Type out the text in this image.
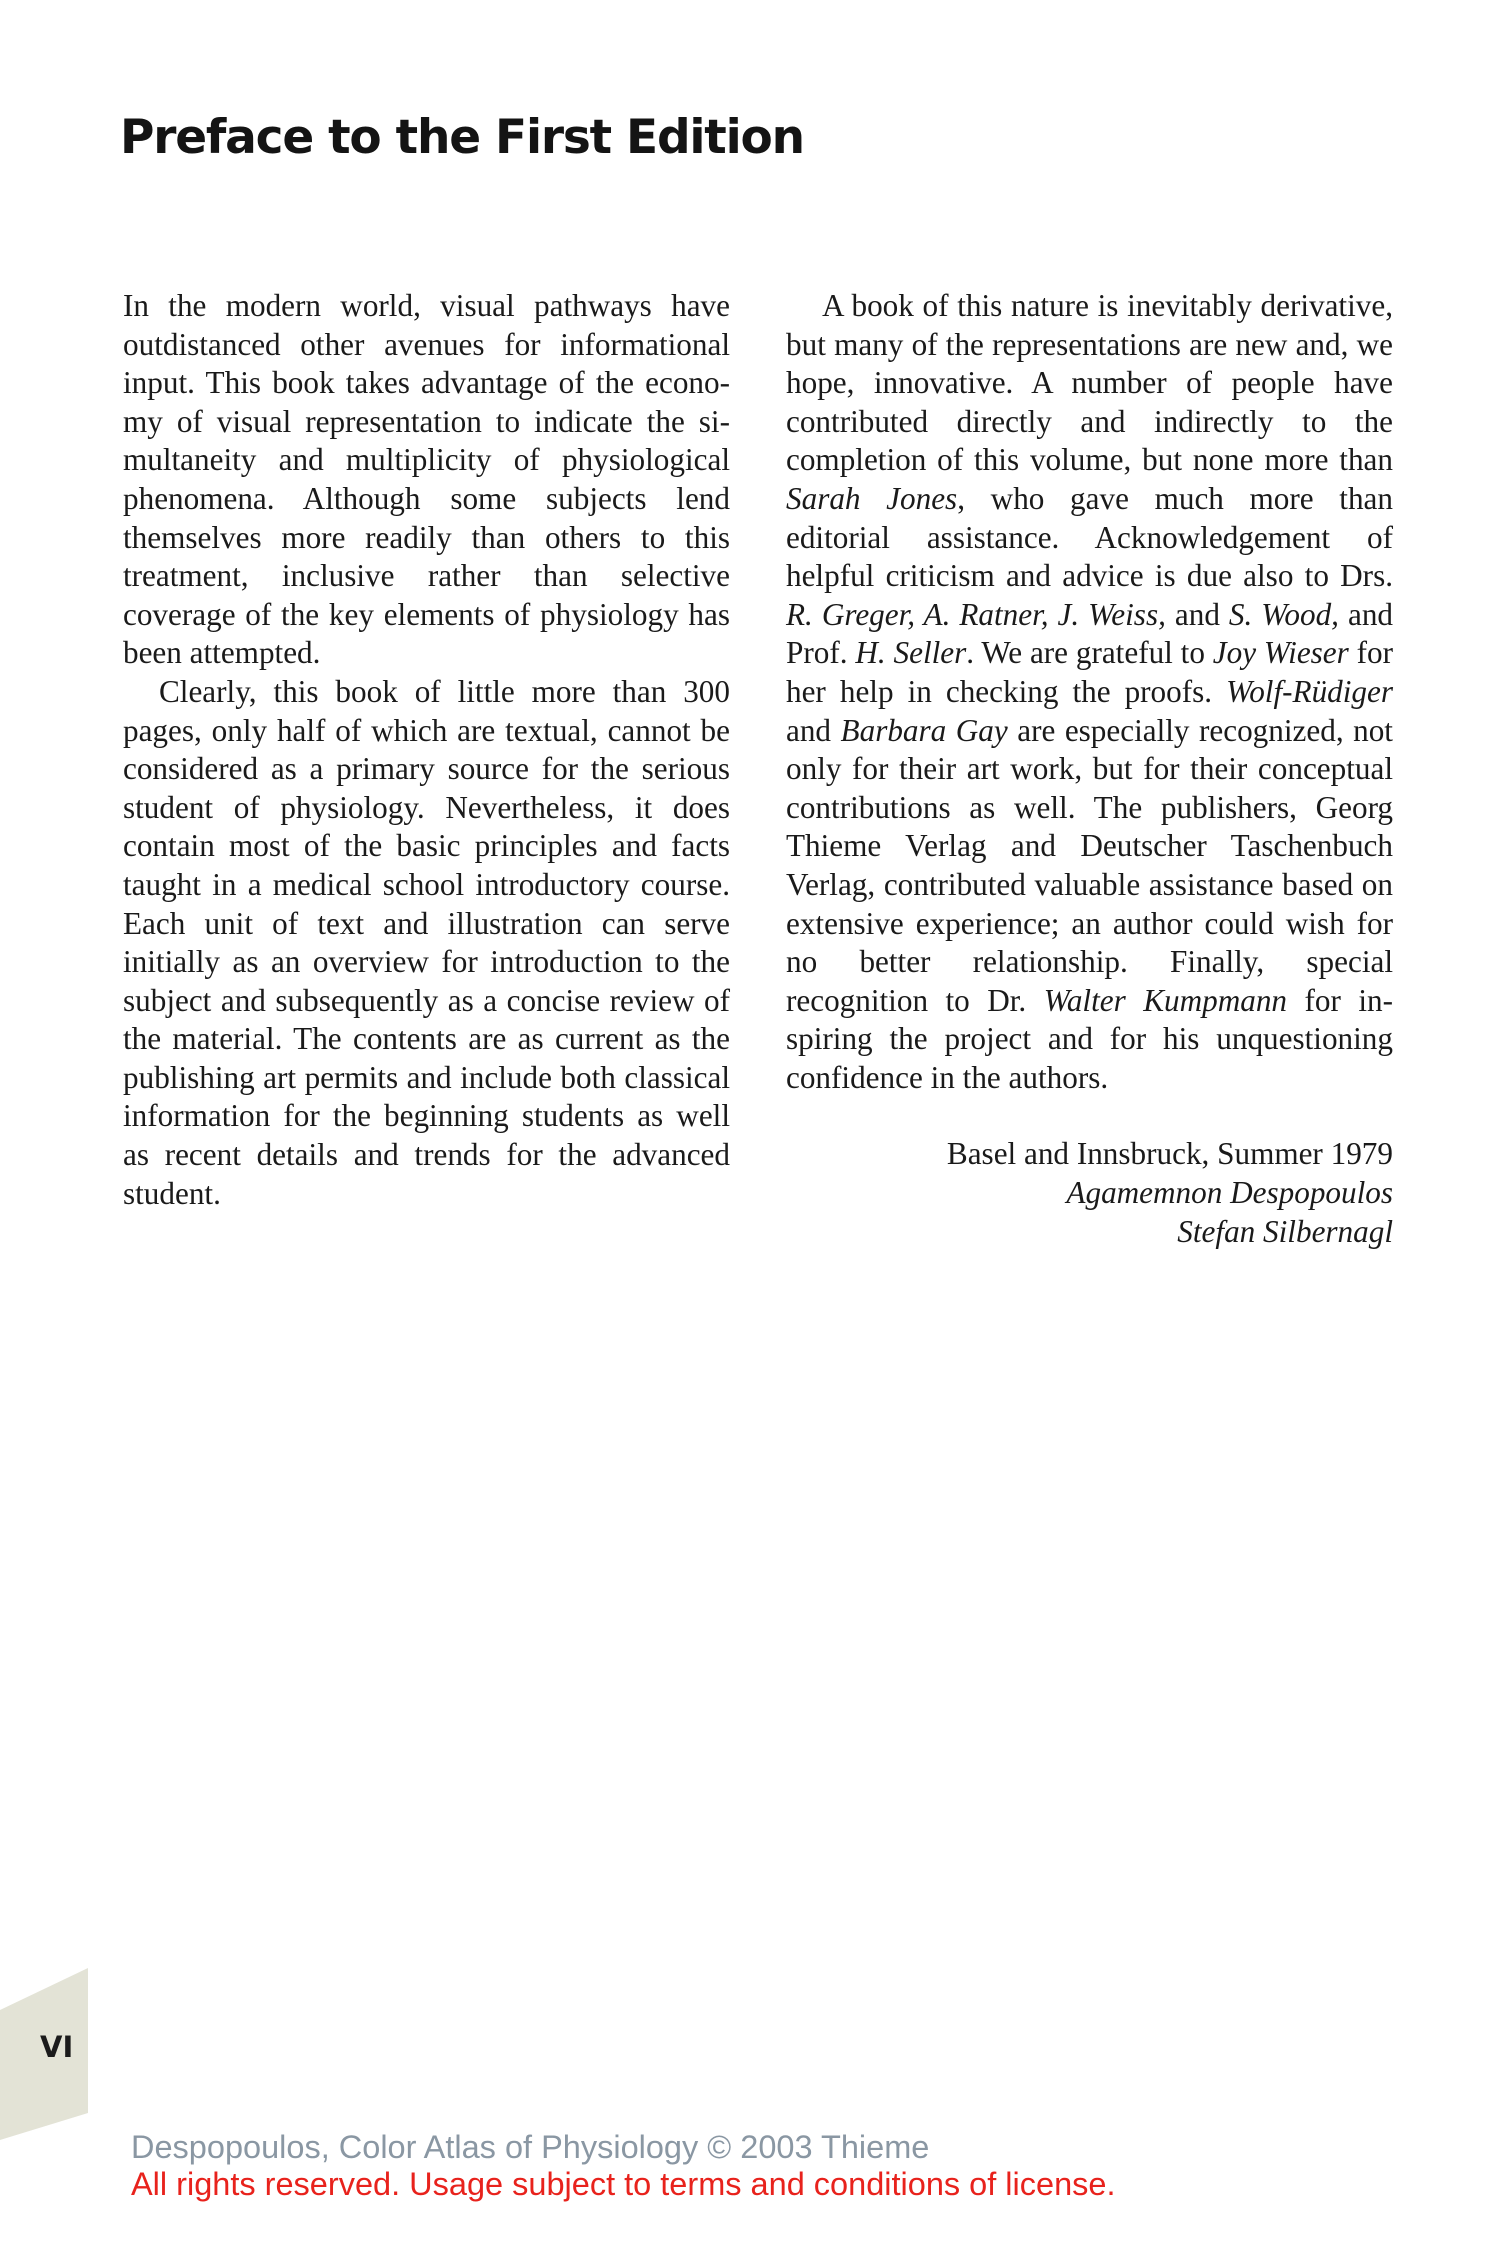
Preface to the First Edition

In the modern world, visual pathways have outdistanced other avenues for informational input. This book takes advantage of the economy of visual representation to indicate the simultaneity and multiplicity of physiological phenomena. Although some subjects lend themselves more readily than others to this treatment, inclusive rather than selective coverage of the key elements of physiology has been attempted.

Clearly, this book of little more than 300 pages, only half of which are textual, cannot be considered as a primary source for the serious student of physiology. Nevertheless, it does contain most of the basic principles and facts taught in a medical school introductory course. Each unit of text and illustration can serve initially as an overview for introduction to the subject and subsequently as a concise review of the material. The contents are as current as the publishing art permits and include both classical information for the beginning students as well as recent details and trends for the advanced student.

A book of this nature is inevitably derivative, but many of the representations are new and, we hope, innovative. A number of people have contributed directly and indirectly to the completion of this volume, but none more than Sarah Jones, who gave much more than editorial assistance. Acknowledgement of helpful criticism and advice is due also to Drs. R. Greger, A. Ratner, J. Weiss, and S. Wood, and Prof. H. Seller. We are grateful to Joy Wieser for her help in checking the proofs. Wolf-Rüdiger and Barbara Gay are especially recognized, not only for their art work, but for their conceptual contributions as well. The publishers, Georg Thieme Verlag and Deutscher Taschenbuch Verlag, contributed valuable assistance based on extensive experience; an author could wish for no better relationship. Finally, special recognition to Dr. Walter Kumpmann for inspiring the project and for his unquestioning confidence in the authors.

Basel and Innsbruck, Summer 1979
Agamemnon Despopoulos
Stefan Silbernagl
VI
Despopoulos, Color Atlas of Physiology © 2003 Thieme
All rights reserved. Usage subject to terms and conditions of license.
